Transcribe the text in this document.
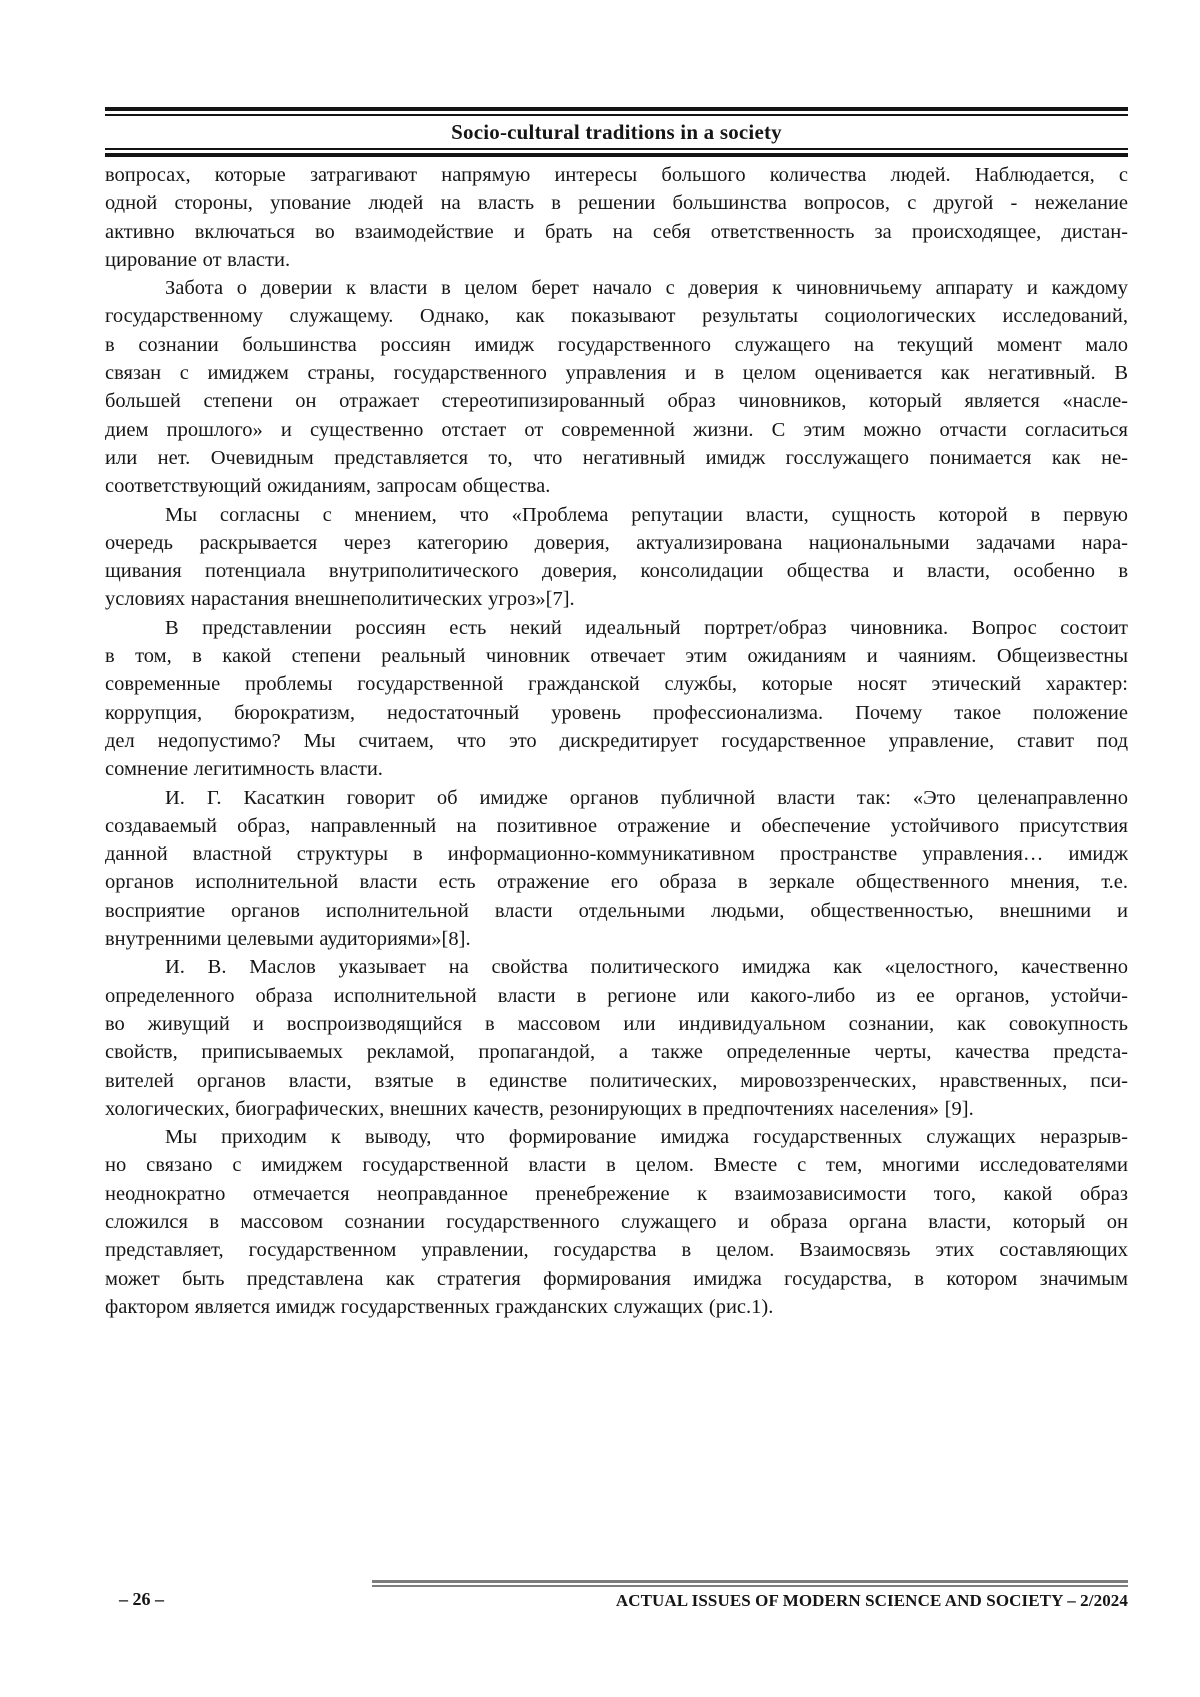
Socio-cultural traditions in a society
вопросах, которые затрагивают напрямую интересы большого количества людей. Наблюдается, с
одной стороны, упование людей на власть в решении большинства вопросов, с другой - нежелание
активно включаться во взаимодействие и брать на себя ответственность за происходящее, дистан-
цирование от власти.
Забота о доверии к власти в целом берет начало с доверия к чиновничьему аппарату и каждому
государственному служащему. Однако, как показывают результаты социологических исследований,
в сознании большинства россиян имидж государственного служащего на текущий момент мало
связан с имиджем страны, государственного управления и в целом оценивается как негативный. В
большей степени он отражает стереотипизированный образ чиновников, который является «насле-
дием прошлого» и существенно отстает от современной жизни. С этим можно отчасти согласиться
или нет. Очевидным представляется то, что негативный имидж госслужащего понимается как не-
соответствующий ожиданиям, запросам общества.
Мы согласны с мнением, что «Проблема репутации власти, сущность которой в первую
очередь раскрывается через категорию доверия, актуализирована национальными задачами нара-
щивания потенциала внутриполитического доверия, консолидации общества и власти, особенно в
условиях нарастания внешнеполитических угроз»[7].
В представлении россиян есть некий идеальный портрет/образ чиновника. Вопрос состоит
в том, в какой степени реальный чиновник отвечает этим ожиданиям и чаяниям. Общеизвестны
современные проблемы государственной гражданской службы, которые носят этический характер:
коррупция, бюрократизм, недостаточный уровень профессионализма. Почему такое положение
дел недопустимо? Мы считаем, что это дискредитирует государственное управление, ставит под
сомнение легитимность власти.
И. Г. Касаткин говорит об имидже органов публичной власти так: «Это целенаправленно
создаваемый образ, направленный на позитивное отражение и обеспечение устойчивого присутствия
данной властной структуры в информационно-коммуникативном пространстве управления… имидж
органов исполнительной власти есть отражение его образа в зеркале общественного мнения, т.е.
восприятие органов исполнительной власти отдельными людьми, общественностью, внешними и
внутренними целевыми аудиториями»[8].
И. В. Маслов указывает на свойства политического имиджа как «целостного, качественно
определенного образа исполнительной власти в регионе или какого-либо из ее органов, устойчи-
во живущий и воспроизводящийся в массовом или индивидуальном сознании, как совокупность
свойств, приписываемых рекламой, пропагандой, а также определенные черты, качества предста-
вителей органов власти, взятые в единстве политических, мировоззренческих, нравственных, пси-
хологических, биографических, внешних качеств, резонирующих в предпочтениях населения» [9].
Мы приходим к выводу, что формирование имиджа государственных служащих неразрыв-
но связано с имиджем государственной власти в целом. Вместе с тем, многими исследователями
неоднократно отмечается неоправданное пренебрежение к взаимозависимости того, какой образ
сложился в массовом сознании государственного служащего и образа органа власти, который он
представляет, государственном управлении, государства в целом. Взаимосвязь этих составляющих
может быть представлена как стратегия формирования имиджа государства, в котором значимым
фактором является имидж государственных гражданских служащих (рис.1).
– 26 –	ACTUAL ISSUES OF MODERN SCIENCE AND SOCIETY – 2/2024
